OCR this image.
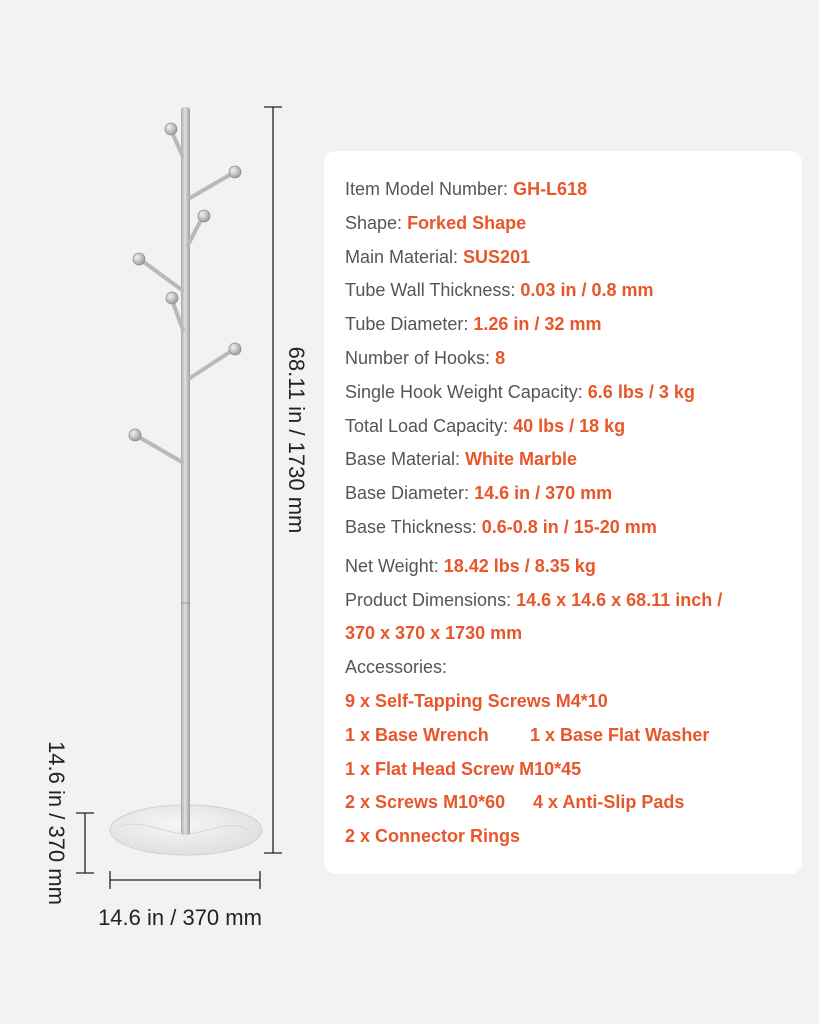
68.11 in / 1730 mm
14.6 in / 370 mm
14.6 in / 370 mm
Item Model Number: GH-L618
Shape: Forked Shape
Main Material: SUS201
Tube Wall Thickness: 0.03 in / 0.8 mm
Tube Diameter: 1.26 in / 32 mm
Number of Hooks: 8
Single Hook Weight Capacity: 6.6 lbs / 3 kg
Total Load Capacity: 40 lbs / 18 kg
Base Material: White Marble
Base Diameter: 14.6 in / 370 mm
Base Thickness: 0.6-0.8 in / 15-20 mm
Net Weight: 18.42 lbs / 8.35 kg
Product Dimensions: 14.6 x 14.6 x 68.11 inch /
370 x 370 x 1730 mm
Accessories:
9 x Self-Tapping Screws M4*10
1 x Base Wrench 1 x Base Flat Washer
1 x Flat Head Screw M10*45
2 x Screws M10*60 4 x Anti-Slip Pads
2 x Connector Rings
